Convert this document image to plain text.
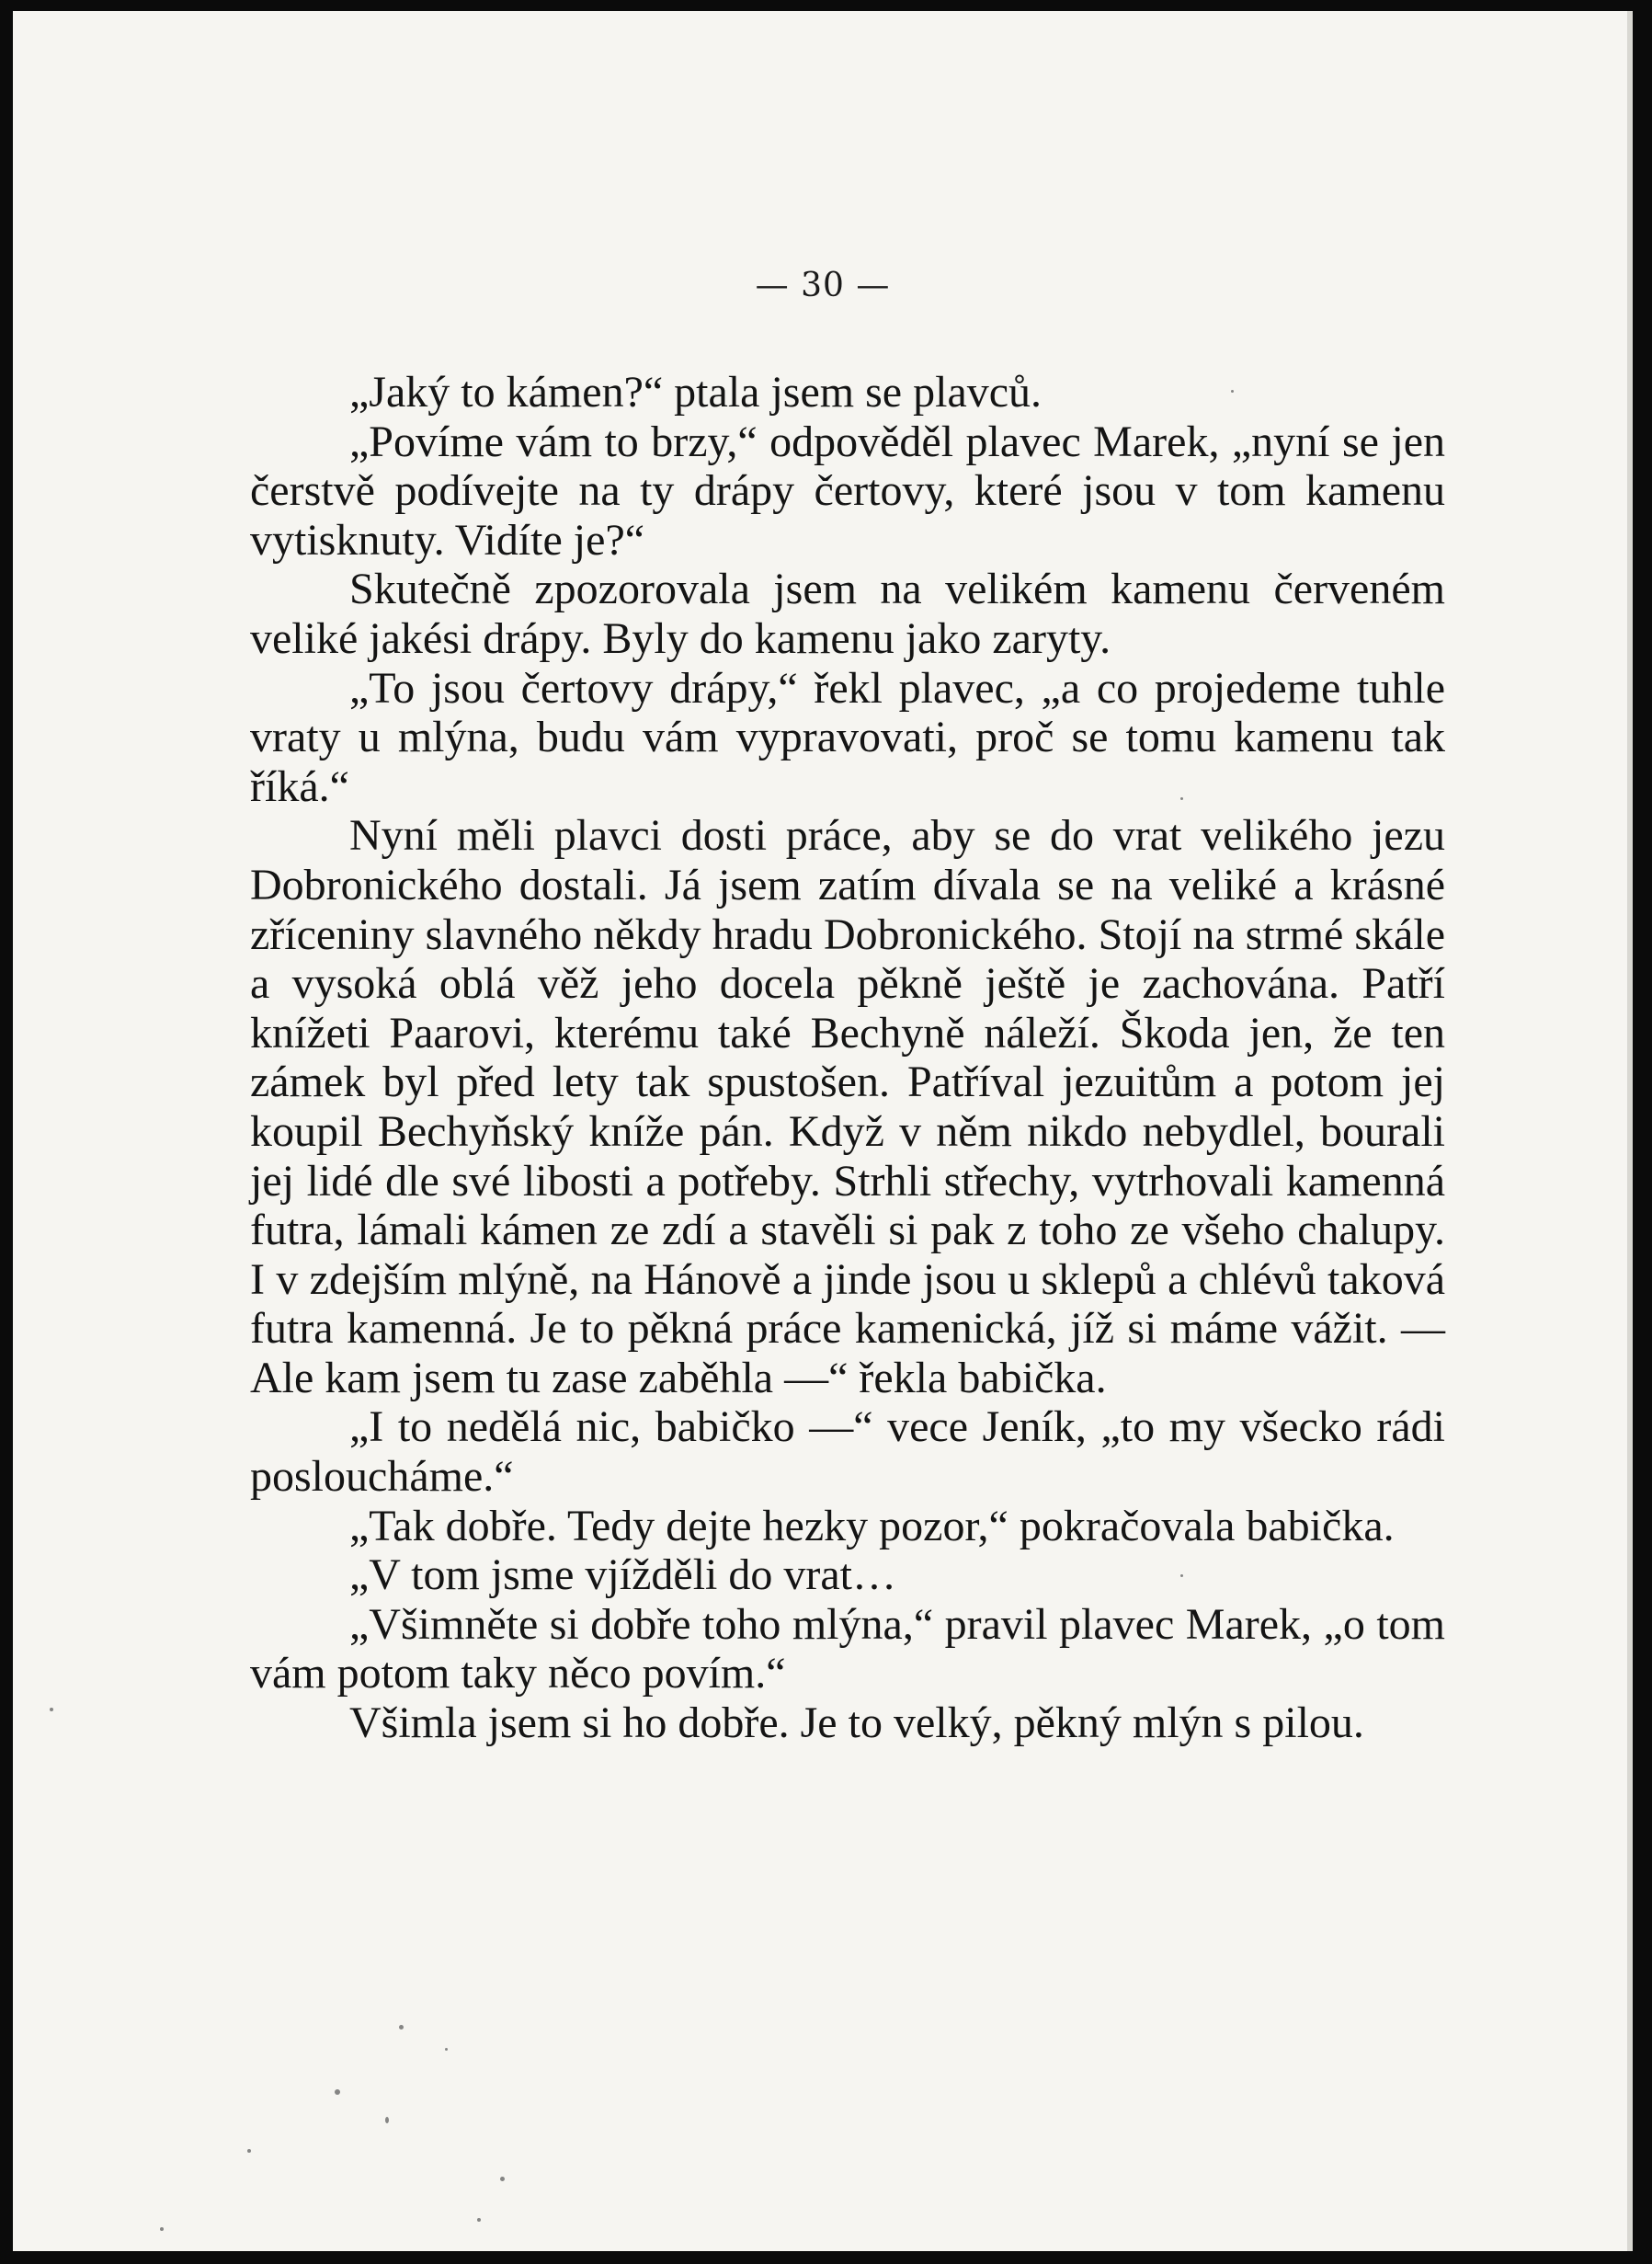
— 30 —

„Jaký to kámen?“ ptala jsem se plavců.

„Povíme vám to brzy,“ odpověděl plavec Marek, „nyní se jen čerstvě podívejte na ty drápy čertovy, které jsou v tom kamenu vytisknuty. Vidíte je?“

Skutečně zpozorovala jsem na velikém kamenu červeném veliké jakési drápy. Byly do kamenu jako zaryty.

„To jsou čertovy drápy,“ řekl plavec, „a co projedeme tuhle vraty u mlýna, budu vám vypravovati, proč se tomu kamenu tak říká.“

Nyní měli plavci dosti práce, aby se do vrat velikého jezu Dobronického dostali. Já jsem zatím dívala se na veliké a krásné zříceniny slavného někdy hradu Dobronického. Stojí na strmé skále a vysoká oblá věž jeho docela pěkně ještě je zachována. Patří knížeti Paarovi, kterému také Bechyně náleží. Škoda jen, že ten zámek byl před lety tak spustošen. Patříval jezuitům a potom jej koupil Bechyňský kníže pán. Když v něm nikdo nebydlel, bourali jej lidé dle své libosti a potřeby. Strhli střechy, vytrhovali kamenná futra, lámali kámen ze zdí a stavěli si pak z toho ze všeho chalupy. I v zdejším mlýně, na Hánově a jinde jsou u sklepů a chlévů taková futra kamenná. Je to pěkná práce kamenická, jíž si máme vážit. — Ale kam jsem tu zase zaběhla —“ řekla babička.

„I to nedělá nic, babičko —“ vece Jeník, „to my všecko rádi posloucháme.“

„Tak dobře. Tedy dejte hezky pozor,“ pokračovala babička.

„V tom jsme vjížděli do vrat…

„Všimněte si dobře toho mlýna,“ pravil plavec Marek, „o tom vám potom taky něco povím.“

Všimla jsem si ho dobře. Je to velký, pěkný mlýn s pilou.
